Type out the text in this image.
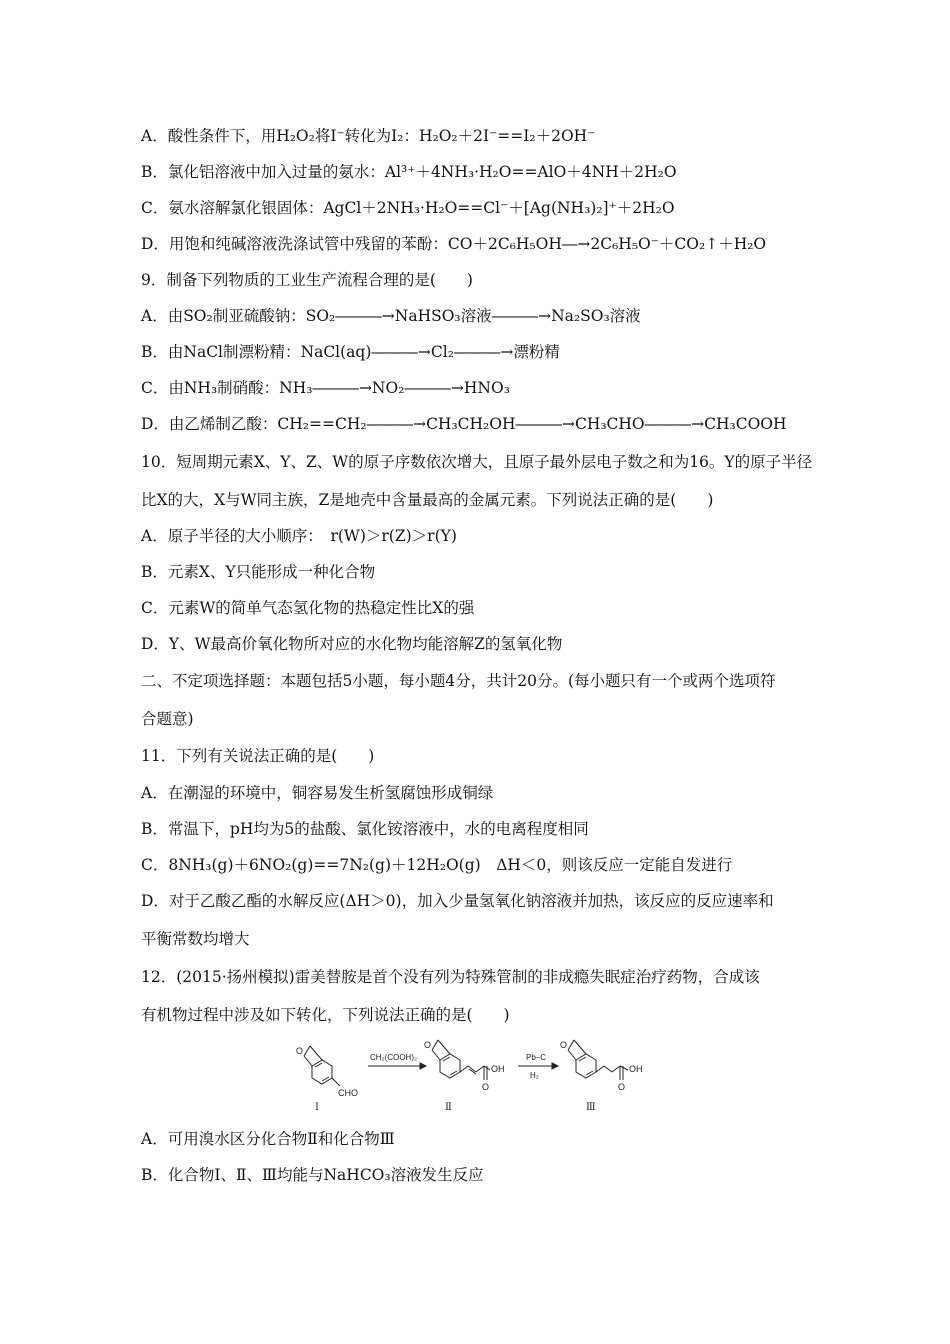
A．酸性条件下，用H₂O₂将I⁻转化为I₂：H₂O₂＋2I⁻==I₂＋2OH⁻
B．氯化铝溶液中加入过量的氨水：Al³⁺＋4NH₃·H₂O==AlO＋4NH＋2H₂O
C．氨水溶解氯化银固体：AgCl＋2NH₃·H₂O==Cl⁻＋[Ag(NH₃)₂]⁺＋2H₂O
D．用饱和纯碱溶液洗涤试管中残留的苯酚：CO＋2C₆H₅OH―→2C₆H₅O⁻＋CO₂↑＋H₂O
9．制备下列物质的工业生产流程合理的是(　　)
A．由SO₂制亚硫酸钠：SO₂―――→NaHSO₃溶液―――→Na₂SO₃溶液
B．由NaCl制漂粉精：NaCl(aq)―――→Cl₂―――→漂粉精
C．由NH₃制硝酸：NH₃―――→NO₂―――→HNO₃
D．由乙烯制乙酸：CH₂==CH₂―――→CH₃CH₂OH―――→CH₃CHO―――→CH₃COOH
10．短周期元素X、Y、Z、W的原子序数依次增大，且原子最外层电子数之和为16。Y的原子半径
比X的大，X与W同主族，Z是地壳中含量最高的金属元素。下列说法正确的是(　　)
A．原子半径的大小顺序：　r(W)＞r(Z)＞r(Y)
B．元素X、Y只能形成一种化合物
C．元素W的简单气态氢化物的热稳定性比X的强
D．Y、W最高价氧化物所对应的水化物均能溶解Z的氢氧化物
二、不定项选择题：本题包括5小题，每小题4分，共计20分。(每小题只有一个或两个选项符
合题意)
11．下列有关说法正确的是(　　)
A．在潮湿的环境中，铜容易发生析氢腐蚀形成铜绿
B．常温下，pH均为5的盐酸、氯化铵溶液中，水的电离程度相同
C．8NH₃(g)＋6NO₂(g)==7N₂(g)＋12H₂O(g)　ΔH＜0，则该反应一定能自发进行
D．对于乙酸乙酯的水解反应(ΔH＞0)，加入少量氢氧化钠溶液并加热，该反应的反应速率和
平衡常数均增大
12．(2015·扬州模拟)雷美替胺是首个没有列为特殊管制的非成瘾失眠症治疗药物，合成该
有机物过程中涉及如下转化，下列说法正确的是(　　)
O
CHO
Ⅰ
CH₂(COOH)₂
O
OH
O
Ⅱ
Pb–C
H₂
O
OH
O
Ⅲ
A．可用溴水区分化合物Ⅱ和化合物Ⅲ
B．化合物Ⅰ、Ⅱ、Ⅲ均能与NaHCO₃溶液发生反应
